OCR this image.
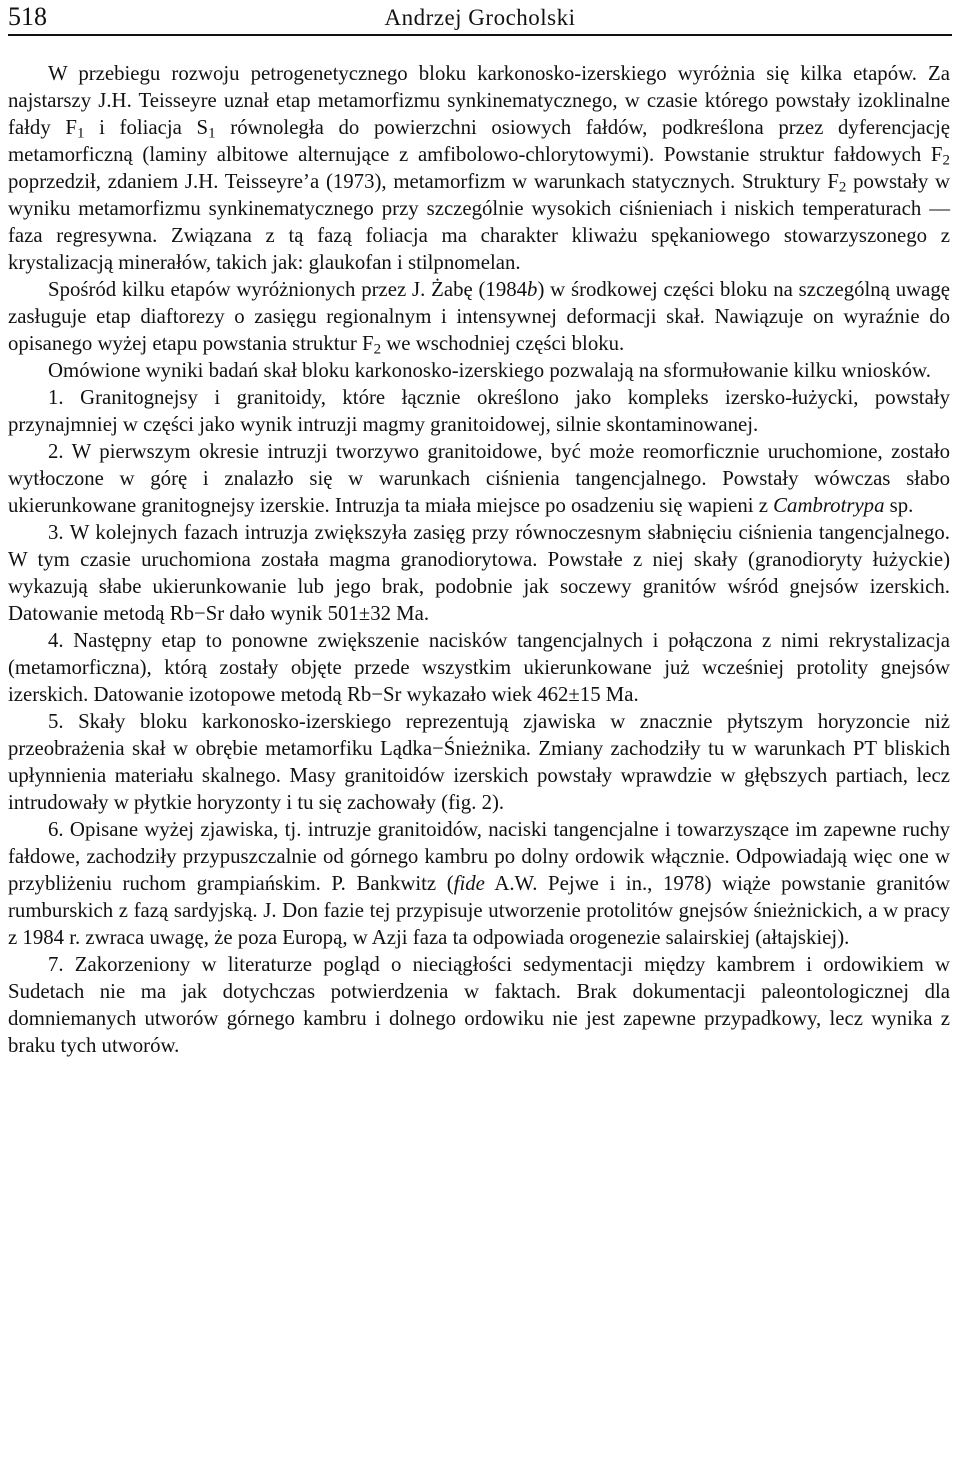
518	Andrzej Grocholski

W przebiegu rozwoju petrogenetycznego bloku karkonosko-izerskiego wyróżnia się kilka etapów. Za najstarszy J.H. Teisseyre uznał etap metamorfizmu synkinematycznego, w czasie którego powstały izoklinalne fałdy $F_1$ i foliacja $S_1$ równoległa do powierzchni osiowych fałdów, podkreślona przez dyferencjację metamorficzną (laminy albitowe alternujące z amfibolowo-chlorytowymi). Powstanie struktur fałdowych $F_2$ poprzedził, zdaniem J.H. Teisseyre’a (1973), metamorfizm w warunkach statycznych. Struktury $F_2$ powstały w wyniku metamorfizmu synkinematycznego przy szczególnie wysokich ciśnieniach i niskich temperaturach — faza regresywna. Związana z tą fazą foliacja ma charakter kliważu spękaniowego stowarzyszonego z krystalizacją minerałów, takich jak: glaukofan i stilpnomelan.

Spośród kilku etapów wyróżnionych przez J. Żabę (1984b) w środkowej części bloku na szczególną uwagę zasługuje etap diaftorezy o zasięgu regionalnym i intensywnej deformacji skał. Nawiązuje on wyraźnie do opisanego wyżej etapu powstania struktur $F_2$ we wschodniej części bloku.

Omówione wyniki badań skał bloku karkonosko-izerskiego pozwalają na sformułowanie kilku wniosków.

1. Granitognejsy i granitoidy, które łącznie określono jako kompleks izersko-łużycki, powstały przynajmniej w części jako wynik intruzji magmy granitoidowej, silnie skontaminowanej.

2. W pierwszym okresie intruzji tworzywo granitoidowe, być może reomorficznie uruchomione, zostało wytłoczone w górę i znalazło się w warunkach ciśnienia tangencjalnego. Powstały wówczas słabo ukierunkowane granitognejsy izerskie. Intruzja ta miała miejsce po osadzeniu się wapieni z Cambrotrypa sp.

3. W kolejnych fazach intruzja zwiększyła zasięg przy równoczesnym słabnięciu ciśnienia tangencjalnego. W tym czasie uruchomiona została magma granodiorytowa. Powstałe z niej skały (granodioryty łużyckie) wykazują słabe ukierunkowanie lub jego brak, podobnie jak soczewy granitów wśród gnejsów izerskich. Datowanie metodą Rb−Sr dało wynik 501±32 Ma.

4. Następny etap to ponowne zwiększenie nacisków tangencjalnych i połączona z nimi rekrystalizacja (metamorficzna), którą zostały objęte przede wszystkim ukierunkowane już wcześniej protolity gnejsów izerskich. Datowanie izotopowe metodą Rb−Sr wykazało wiek 462±15 Ma.

5. Skały bloku karkonosko-izerskiego reprezentują zjawiska w znacznie płytszym horyzoncie niż przeobrażenia skał w obrębie metamorfiku Lądka−Śnieżnika. Zmiany zachodziły tu w warunkach PT bliskich upłynnienia materiału skalnego. Masy granitoidów izerskich powstały wprawdzie w głębszych partiach, lecz intrudowały w płytkie horyzonty i tu się zachowały (fig. 2).

6. Opisane wyżej zjawiska, tj. intruzje granitoidów, naciski tangencjalne i towarzyszące im zapewne ruchy fałdowe, zachodziły przypuszczalnie od górnego kambru po dolny ordowik włącznie. Odpowiadają więc one w przybliżeniu ruchom grampiańskim. P. Bankwitz (fide A.W. Pejwe i in., 1978) wiąże powstanie granitów rumburskich z fazą sardyjską. J. Don fazie tej przypisuje utworzenie protolitów gnejsów śnieżnickich, a w pracy z 1984 r. zwraca uwagę, że poza Europą, w Azji faza ta odpowiada orogenezie salairskiej (ałtajskiej).

7. Zakorzeniony w literaturze pogląd o nieciągłości sedymentacji między kambrem i ordowikiem w Sudetach nie ma jak dotychczas potwierdzenia w faktach. Brak dokumentacji paleontologicznej dla domniemanych utworów górnego kambru i dolnego ordowiku nie jest zapewne przypadkowy, lecz wynika z braku tych utworów.
